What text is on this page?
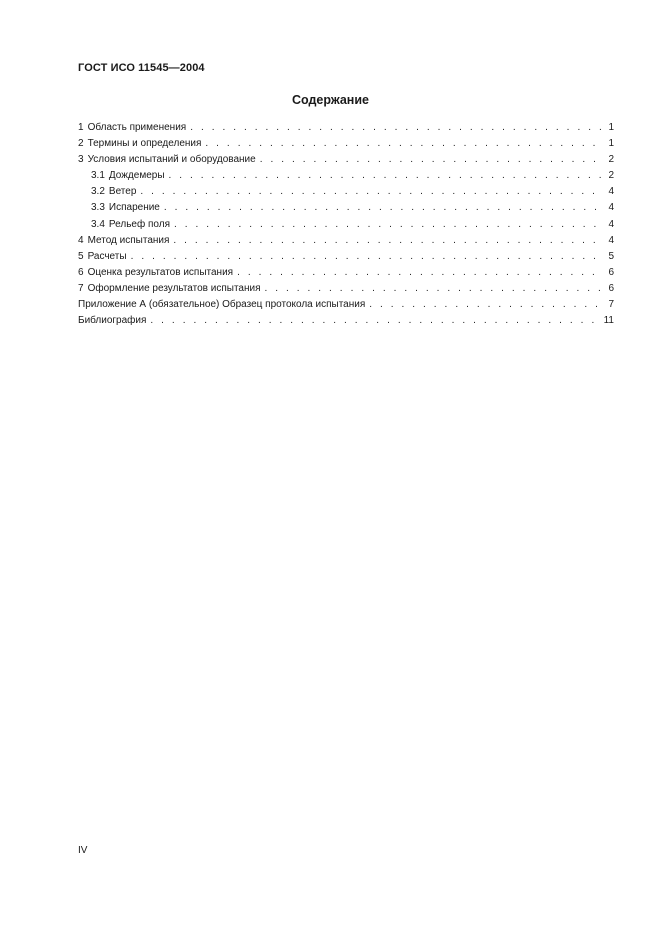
ГОСТ ИСО 11545—2004
Содержание
1 Область применения . . .	1
2 Термины и определения . . .	1
3 Условия испытаний и оборудование . . .	2
3.1 Дождемеры . . .	2
3.2 Ветер . . .	4
3.3 Испарение . . .	4
3.4 Рельеф поля . . .	4
4 Метод испытания . . .	4
5 Расчеты . . .	5
6 Оценка результатов испытания . . .	6
7 Оформление результатов испытания . . .	6
Приложение А (обязательное) Образец протокола испытания . . .	7
Библиография . . .	11
IV
